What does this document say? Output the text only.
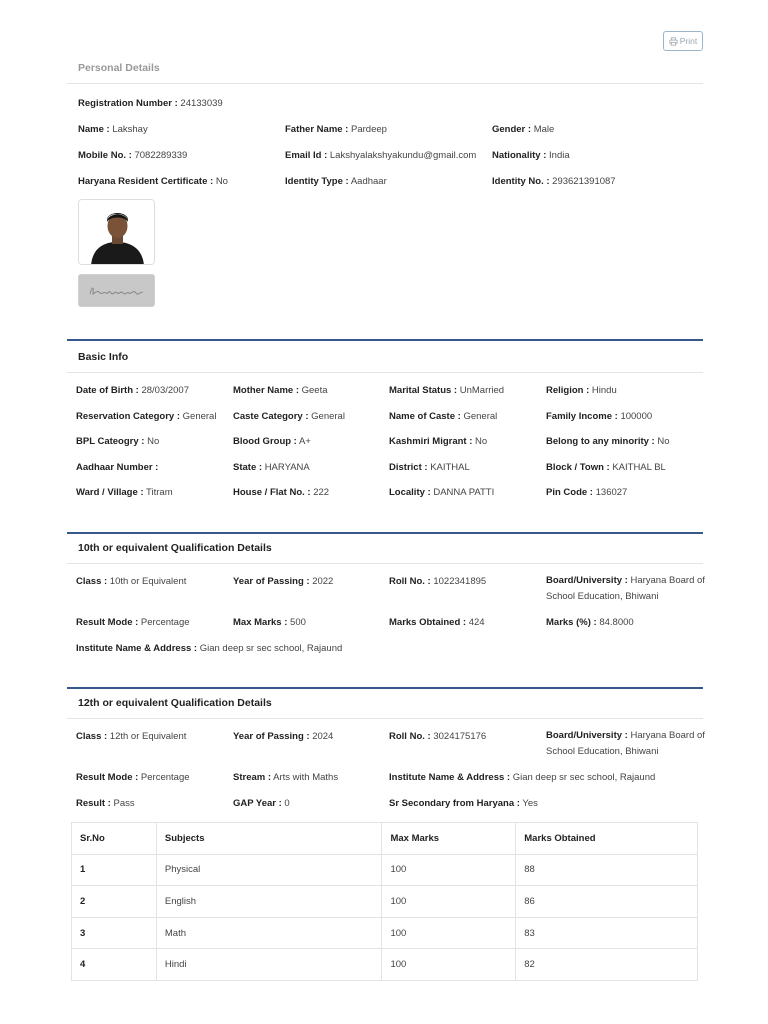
Print
Personal Details
Registration Number : 24133039
Name : Lakshay	Father Name : Pardeep	Gender : Male
Mobile No. : 7082289339	Email Id : Lakshyalakshyakundu@gmail.com Nationality : India
Haryana Resident Certificate : No	Identity Type : Aadhaar	Identity No. : 293621391087
Basic Info
Date of Birth : 28/03/2007	Mother Name : Geeta	Marital Status : UnMarried	Religion : Hindu
Reservation Category : General Caste Category : General	Name of Caste : General	Family Income : 100000
BPL Cateogry : No	Blood Group : A+	Kashmiri Migrant : No	Belong to any minority : No
Aadhaar Number :	State : HARYANA	District : KAITHAL	Block / Town : KAITHAL BL
Ward / Village : Titram	House / Flat No. : 222	Locality : DANNA PATTI	Pin Code : 136027
10th or equivalent Qualification Details
Class : 10th or Equivalent	Year of Passing : 2022	Roll No. : 1022341895	Board/University : Haryana Board of School Education, Bhiwani
Result Mode : Percentage	Max Marks : 500	Marks Obtained : 424	Marks (%) : 84.8000
Institute Name & Address : Gian deep sr sec school, Rajaund
12th or equivalent Qualification Details
Class : 12th or Equivalent	Year of Passing : 2024	Roll No. : 3024175176	Board/University : Haryana Board of School Education, Bhiwani
Result Mode : Percentage	Stream : Arts with Maths	Institute Name & Address : Gian deep sr sec school, Rajaund
Result : Pass	GAP Year : 0	Sr Secondary from Haryana : Yes
Sr.No	Subjects	Max Marks	Marks Obtained
1	Physical	100	88
2	English	100	86
3	Math	100	83
4	Hindi	100	82
